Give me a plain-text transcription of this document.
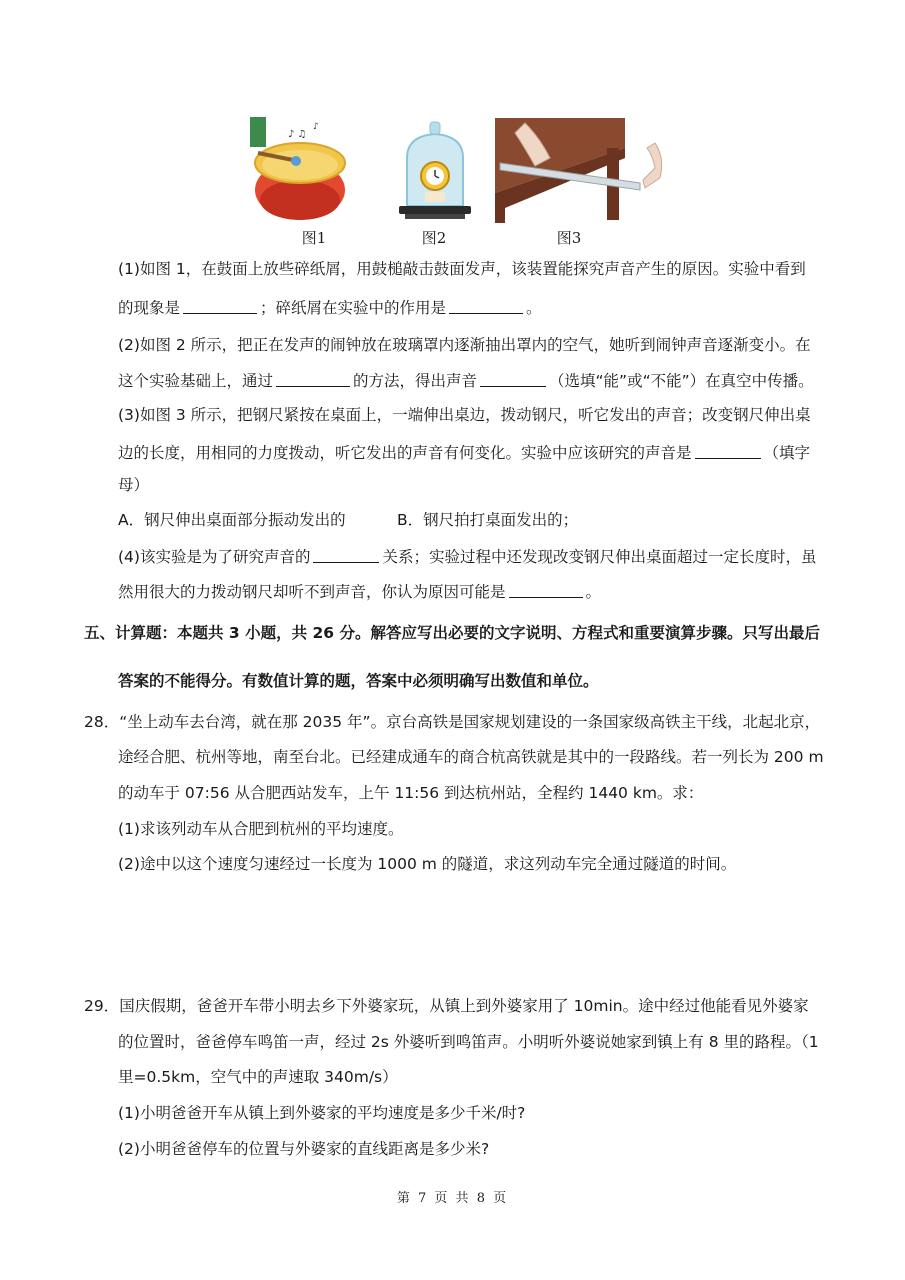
♪ ♫
♪
图1	图2	图3
(1)如图 1，在鼓面上放些碎纸屑，用鼓槌敲击鼓面发声，该装置能探究声音产生的原因。实验中看到
的现象是	；碎纸屑在实验中的作用是	。
(2)如图 2 所示，把正在发声的闹钟放在玻璃罩内逐渐抽出罩内的空气，她听到闹钟声音逐渐变小。在
这个实验基础上，通过	的方法，得出声音	（选填“能”或“不能”）在真空中传播。
(3)如图 3 所示，把钢尺紧按在桌面上，一端伸出桌边，拨动钢尺，听它发出的声音；改变钢尺伸出桌
边的长度，用相同的力度拨动，听它发出的声音有何变化。实验中应该研究的声音是	（填字
母）
A．钢尺伸出桌面部分振动发出的	B．钢尺拍打桌面发出的；
(4)该实验是为了研究声音的	关系；实验过程中还发现改变钢尺伸出桌面超过一定长度时，虽
然用很大的力拨动钢尺却听不到声音，你认为原因可能是	。
五、计算题：本题共 3 小题，共 26 分。解答应写出必要的文字说明、方程式和重要演算步骤。只写出最后
答案的不能得分。有数值计算的题，答案中必须明确写出数值和单位。
28．“坐上动车去台湾，就在那 2035 年”。京台高铁是国家规划建设的一条国家级高铁主干线，北起北京，
途经合肥、杭州等地，南至台北。已经建成通车的商合杭高铁就是其中的一段路线。若一列长为 200 m
的动车于 07:56 从合肥西站发车，上午 11:56 到达杭州站，全程约 1440 km。求：
(1)求该列动车从合肥到杭州的平均速度。
(2)途中以这个速度匀速经过一长度为 1000 m 的隧道，求这列动车完全通过隧道的时间。
29．国庆假期，爸爸开车带小明去乡下外婆家玩，从镇上到外婆家用了 10min。途中经过他能看见外婆家
的位置时，爸爸停车鸣笛一声，经过 2s 外婆听到鸣笛声。小明听外婆说她家到镇上有 8 里的路程。（1
里=0.5km，空气中的声速取 340m/s）
(1)小明爸爸开车从镇上到外婆家的平均速度是多少千米/时?
(2)小明爸爸停车的位置与外婆家的直线距离是多少米?
第 7 页 共 8 页
